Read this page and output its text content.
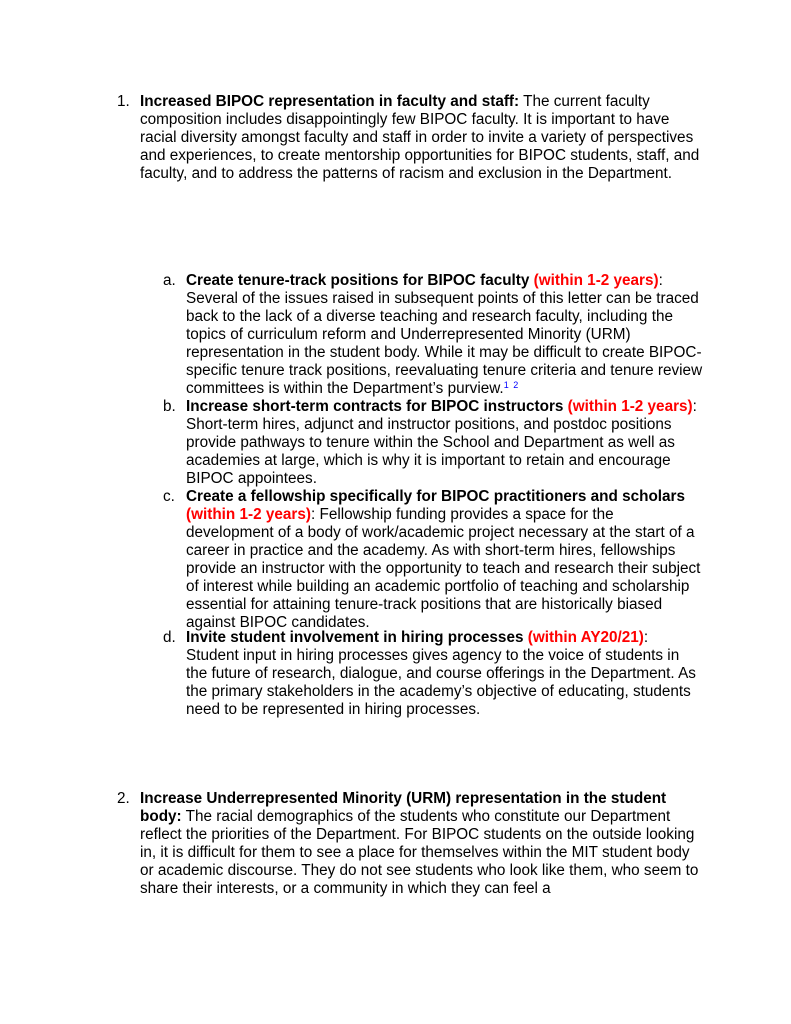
1. Increased BIPOC representation in faculty and staff: The current faculty composition includes disappointingly few BIPOC faculty. It is important to have racial diversity amongst faculty and staff in order to invite a variety of perspectives and experiences, to create mentorship opportunities for BIPOC students, staff, and faculty, and to address the patterns of racism and exclusion in the Department.
a. Create tenure-track positions for BIPOC faculty (within 1-2 years): Several of the issues raised in subsequent points of this letter can be traced back to the lack of a diverse teaching and research faculty, including the topics of curriculum reform and Underrepresented Minority (URM) representation in the student body. While it may be difficult to create BIPOC-specific tenure track positions, reevaluating tenure criteria and tenure review committees is within the Department’s purview.$^{1 2}$
b. Increase short-term contracts for BIPOC instructors (within 1-2 years): Short-term hires, adjunct and instructor positions, and postdoc positions provide pathways to tenure within the School and Department as well as academies at large, which is why it is important to retain and encourage BIPOC appointees.
c. Create a fellowship specifically for BIPOC practitioners and scholars (within 1-2 years): Fellowship funding provides a space for the development of a body of work/academic project necessary at the start of a career in practice and the academy. As with short-term hires, fellowships provide an instructor with the opportunity to teach and research their subject of interest while building an academic portfolio of teaching and scholarship essential for attaining tenure-track positions that are historically biased against BIPOC candidates.
d. Invite student involvement in hiring processes (within AY20/21): Student input in hiring processes gives agency to the voice of students in the future of research, dialogue, and course offerings in the Department. As the primary stakeholders in the academy’s objective of educating, students need to be represented in hiring processes.
2. Increase Underrepresented Minority (URM) representation in the student body: The racial demographics of the students who constitute our Department reflect the priorities of the Department. For BIPOC students on the outside looking in, it is difficult for them to see a place for themselves within the MIT student body or academic discourse. They do not see students who look like them, who seem to share their interests, or a community in which they can feel a
